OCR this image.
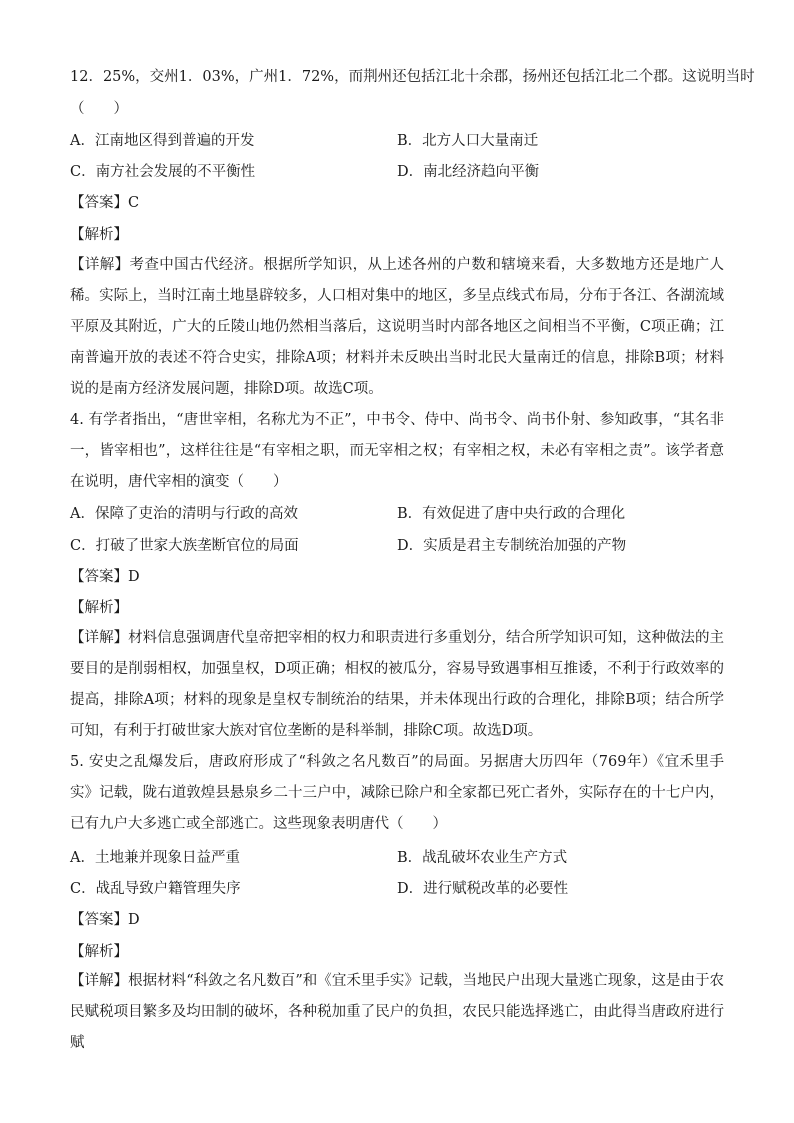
12．25%，交州1．03%，广州1．72%，而荆州还包括江北十余郡，扬州还包括江北二个郡。这说明当时
（　　）
A．江南地区得到普遍的开发	B．北方人口大量南迁
C．南方社会发展的不平衡性	D．南北经济趋向平衡
【答案】C
【解析】
【详解】考查中国古代经济。根据所学知识，从上述各州的户数和辖境来看，大多数地方还是地广人稀。实际上，当时江南土地垦辟较多，人口相对集中的地区，多呈点线式布局，分布于各江、各湖流域平原及其附近，广大的丘陵山地仍然相当落后，这说明当时内部各地区之间相当不平衡，C项正确；江南普遍开放的表述不符合史实，排除A项；材料并未反映出当时北民大量南迁的信息，排除B项；材料说的是南方经济发展问题，排除D项。故选C项。
4. 有学者指出，“唐世宰相，名称尤为不正”，中书令、侍中、尚书令、尚书仆射、参知政事，“其名非一，皆宰相也”，这样往往是“有宰相之职，而无宰相之权；有宰相之权，未必有宰相之责”。该学者意在说明，唐代宰相的演变（　　）
A．保障了吏治的清明与行政的高效	B．有效促进了唐中央行政的合理化
C．打破了世家大族垄断官位的局面	D．实质是君主专制统治加强的产物
【答案】D
【解析】
【详解】材料信息强调唐代皇帝把宰相的权力和职责进行多重划分，结合所学知识可知，这种做法的主要目的是削弱相权，加强皇权，D项正确；相权的被瓜分，容易导致遇事相互推诿，不利于行政效率的提高，排除A项；材料的现象是皇权专制统治的结果，并未体现出行政的合理化，排除B项；结合所学可知，有利于打破世家大族对官位垄断的是科举制，排除C项。故选D项。
5. 安史之乱爆发后，唐政府形成了“科敛之名凡数百”的局面。另据唐大历四年（769年）《宜禾里手实》记载，陇右道敦煌县悬泉乡二十三户中，减除已除户和全家都已死亡者外，实际存在的十七户内，已有九户大多逃亡或全部逃亡。这些现象表明唐代（　　）
A．土地兼并现象日益严重	B．战乱破坏农业生产方式
C．战乱导致户籍管理失序	D．进行赋税改革的必要性
【答案】D
【解析】
【详解】根据材料“科敛之名凡数百”和《宜禾里手实》记载，当地民户出现大量逃亡现象，这是由于农民赋税项目繁多及均田制的破坏，各种税加重了民户的负担，农民只能选择逃亡，由此得当唐政府进行赋
